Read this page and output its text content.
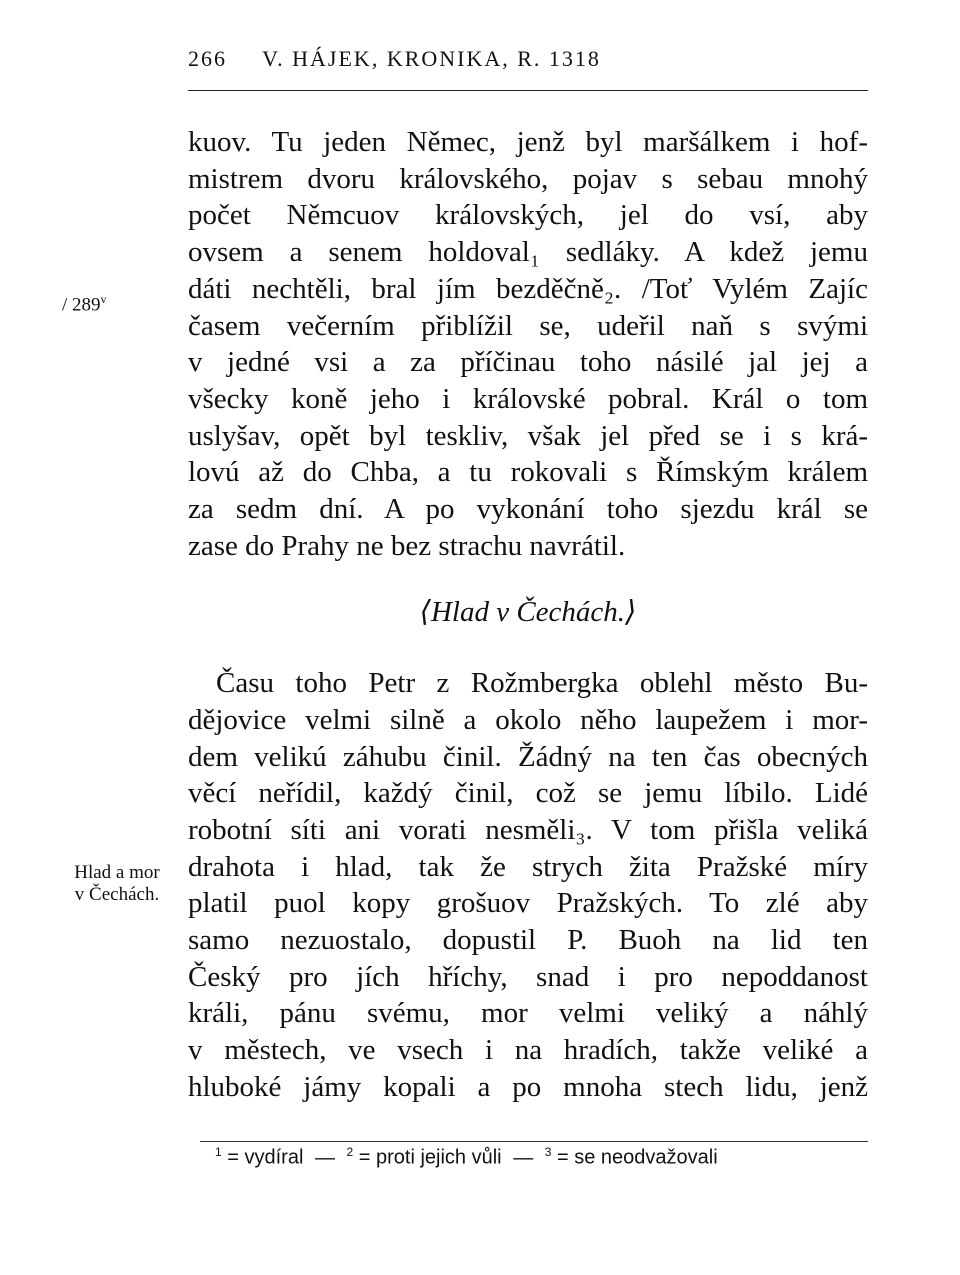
266 V. HÁJEK, KRONIKA, R. 1318
/ 289$^v$
Hlad a mor
v Čechách.
kuov. Tu jeden Němec, jenž byl maršálkem i hof-
mistrem dvoru královského, pojav s sebau mnohý
počet Němcuov královských, jel do vsí, aby
ovsem a senem holdoval₁ sedláky. A kdež jemu
dáti nechtěli, bral jím bezděčně₂. /Toť Vylém Zajíc
časem večerním přiblížil se, udeřil naň s svými
v jedné vsi a za příčinau toho násilé jal jej a
všecky koně jeho i královské pobral. Král o tom
uslyšav, opět byl teskliv, však jel před se i s krá-
lovú až do Chba, a tu rokovali s Římským králem
za sedm dní. A po vykonání toho sjezdu král se
zase do Prahy ne bez strachu navrátil.
⟨Hlad v Čechách.⟩
Času toho Petr z Rožmbergka oblehl město Bu-
dějovice velmi silně a okolo něho laupežem i mor-
dem velikú záhubu činil. Žádný na ten čas obecných
věcí neřídil, každý činil, což se jemu líbilo. Lidé
robotní síti ani vorati nesměli₃. V tom přišla veliká
drahota i hlad, tak že strych žita Pražské míry
platil puol kopy grošuov Pražských. To zlé aby
samo nezuostalo, dopustil P. Buoh na lid ten
Český pro jích hříchy, snad i pro nepoddanost
králi, pánu svému, mor velmi veliký a náhlý
v městech, ve vsech i na hradích, takže veliké a
hluboké jámy kopali a po mnoha stech lidu, jenž
$^1$ = vydíral — $^2$ = proti jejich vůli — $^3$ = se neodvažovali
